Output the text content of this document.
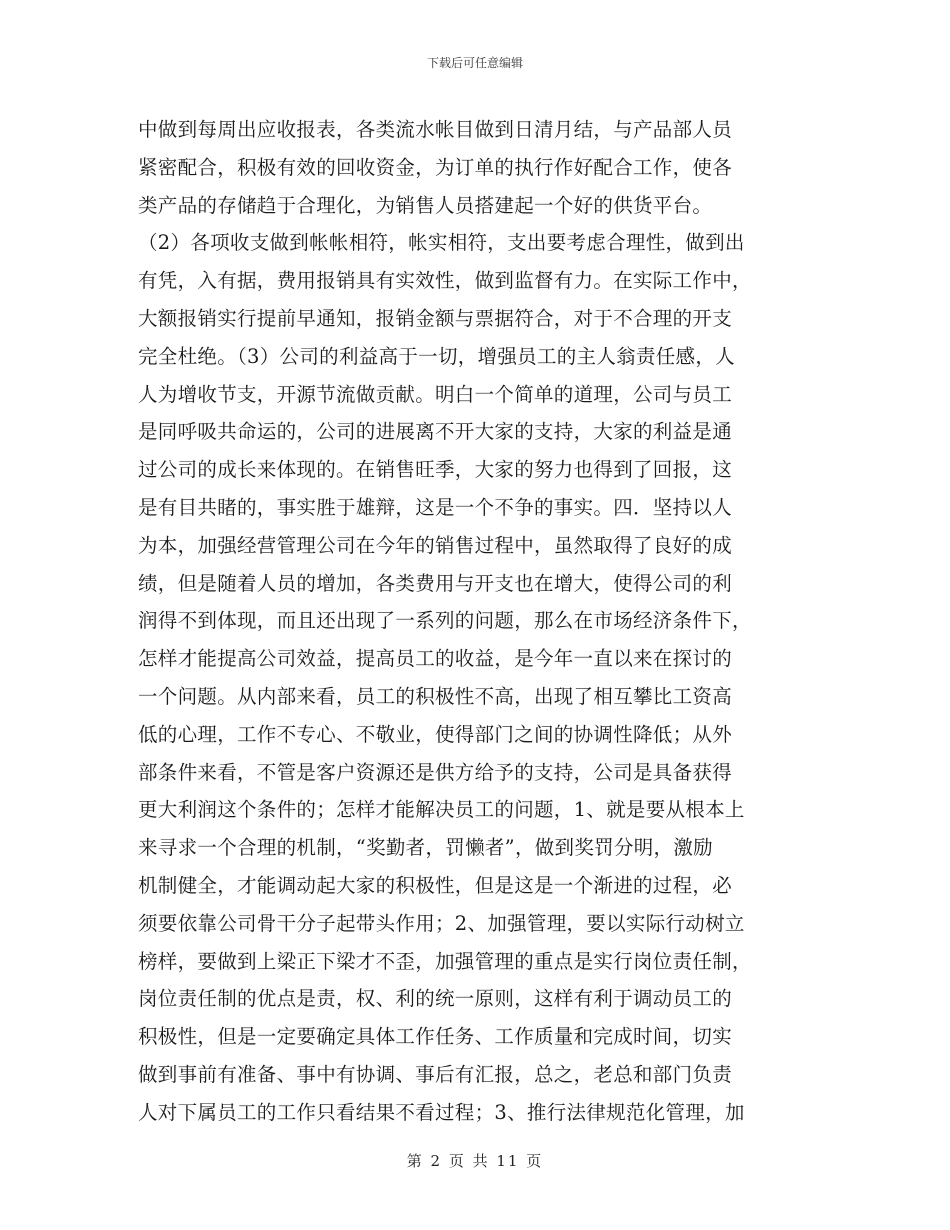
下载后可任意编辑
中做到每周出应收报表，各类流水帐目做到日清月结，与产品部人员
紧密配合，积极有效的回收资金，为订单的执行作好配合工作，使各
类产品的存储趋于合理化，为销售人员搭建起一个好的供货平台。
（2）各项收支做到帐帐相符，帐实相符，支出要考虑合理性，做到出
有凭，入有据，费用报销具有实效性，做到监督有力。在实际工作中，
大额报销实行提前早通知，报销金额与票据符合，对于不合理的开支
完全杜绝。（3）公司的利益高于一切，增强员工的主人翁责任感，人
人为增收节支，开源节流做贡献。明白一个简单的道理，公司与员工
是同呼吸共命运的，公司的进展离不开大家的支持，大家的利益是通
过公司的成长来体现的。在销售旺季，大家的努力也得到了回报，这
是有目共睹的，事实胜于雄辩，这是一个不争的事实。四．坚持以人
为本，加强经营管理公司在今年的销售过程中，虽然取得了良好的成
绩，但是随着人员的增加，各类费用与开支也在增大，使得公司的利
润得不到体现，而且还出现了一系列的问题，那么在市场经济条件下，
怎样才能提高公司效益，提高员工的收益，是今年一直以来在探讨的
一个问题。从内部来看，员工的积极性不高，出现了相互攀比工资高
低的心理，工作不专心、不敬业，使得部门之间的协调性降低；从外
部条件来看，不管是客户资源还是供方给予的支持，公司是具备获得
更大利润这个条件的；怎样才能解决员工的问题，1、就是要从根本上
来寻求一个合理的机制，“奖勤者，罚懒者”，做到奖罚分明，激励
机制健全，才能调动起大家的积极性，但是这是一个渐进的过程，必
须要依靠公司骨干分子起带头作用；2、加强管理，要以实际行动树立
榜样，要做到上梁正下梁才不歪，加强管理的重点是实行岗位责任制，
岗位责任制的优点是责，权、利的统一原则，这样有利于调动员工的
积极性，但是一定要确定具体工作任务、工作质量和完成时间，切实
做到事前有准备、事中有协调、事后有汇报，总之，老总和部门负责
人对下属员工的工作只看结果不看过程；3、推行法律规范化管理，加
第 2 页 共 11 页
